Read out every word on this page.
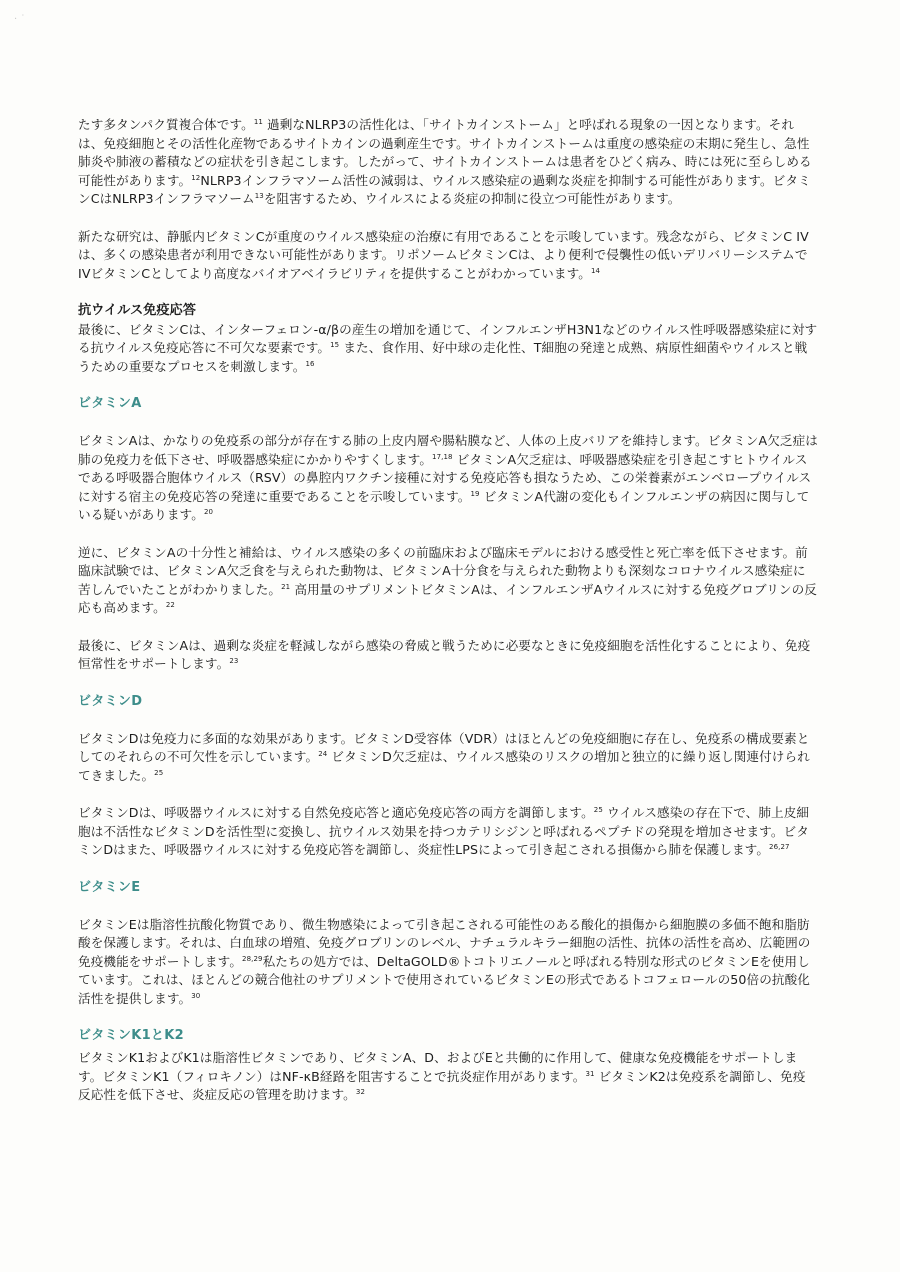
· ˙

たす多タンパク質複合体です。$^{11}$ 過剰なNLRP3の活性化は、「サイトカインストーム」と呼ばれる現象の一因となります。それは、免疫細胞とその活性化産物であるサイトカインの過剰産生です。サイトカインストームは重度の感染症の末期に発生し、急性肺炎や肺液の蓄積などの症状を引き起こします。したがって、サイトカインストームは患者をひどく病み、時には死に至らしめる可能性があります。$^{12}$NLRP3インフラマソーム活性の減弱は、ウイルス感染症の過剰な炎症を抑制する可能性があります。ビタミンCはNLRP3インフラマソーム$^{13}$を阻害するため、ウイルスによる炎症の抑制に役立つ可能性があります。

新たな研究は、静脈内ビタミンCが重度のウイルス感染症の治療に有用であることを示唆しています。残念ながら、ビタミンC IVは、多くの感染患者が利用できない可能性があります。リポソームビタミンCは、より便利で侵襲性の低いデリバリーシステムでIVビタミンCとしてより高度なバイオアベイラビリティを提供することがわかっています。$^{14}$

抗ウイルス免疫応答

最後に、ビタミンCは、インターフェロン-α/βの産生の増加を通じて、インフルエンザH3N1などのウイルス性呼吸器感染症に対する抗ウイルス免疫応答に不可欠な要素です。$^{15}$ また、食作用、好中球の走化性、T細胞の発達と成熟、病原性細菌やウイルスと戦うための重要なプロセスを刺激します。$^{16}$

ビタミンA

ビタミンAは、かなりの免疫系の部分が存在する肺の上皮内層や腸粘膜など、人体の上皮バリアを維持します。ビタミンA欠乏症は肺の免疫力を低下させ、呼吸器感染症にかかりやすくします。$^{17,18}$ ビタミンA欠乏症は、呼吸器感染症を引き起こすヒトウイルスである呼吸器合胞体ウイルス（RSV）の鼻腔内ワクチン接種に対する免疫応答も損なうため、この栄養素がエンベロープウイルスに対する宿主の免疫応答の発達に重要であることを示唆しています。$^{19}$ ビタミンA代謝の変化もインフルエンザの病因に関与している疑いがあります。$^{20}$

逆に、ビタミンAの十分性と補給は、ウイルス感染の多くの前臨床および臨床モデルにおける感受性と死亡率を低下させます。前臨床試験では、ビタミンA欠乏食を与えられた動物は、ビタミンA十分食を与えられた動物よりも深刻なコロナウイルス感染症に苦しんでいたことがわかりました。$^{21}$ 高用量のサプリメントビタミンAは、インフルエンザAウイルスに対する免疫グロブリンの反応も高めます。$^{22}$

最後に、ビタミンAは、過剰な炎症を軽減しながら感染の脅威と戦うために必要なときに免疫細胞を活性化することにより、免疫恒常性をサポートします。$^{23}$

ビタミンD

ビタミンDは免疫力に多面的な効果があります。ビタミンD受容体（VDR）はほとんどの免疫細胞に存在し、免疫系の構成要素としてのそれらの不可欠性を示しています。$^{24}$ ビタミンD欠乏症は、ウイルス感染のリスクの増加と独立的に繰り返し関連付けられてきました。$^{25}$

ビタミンDは、呼吸器ウイルスに対する自然免疫応答と適応免疫応答の両方を調節します。$^{25}$ ウイルス感染の存在下で、肺上皮細胞は不活性なビタミンDを活性型に変換し、抗ウイルス効果を持つカテリシジンと呼ばれるペプチドの発現を増加させます。ビタミンDはまた、呼吸器ウイルスに対する免疫応答を調節し、炎症性LPSによって引き起こされる損傷から肺を保護します。$^{26,27}$

ビタミンE

ビタミンEは脂溶性抗酸化物質であり、微生物感染によって引き起こされる可能性のある酸化的損傷から細胞膜の多価不飽和脂肪酸を保護します。それは、白血球の増殖、免疫グロブリンのレベル、ナチュラルキラー細胞の活性、抗体の活性を高め、広範囲の免疫機能をサポートします。$^{28,29}$私たちの処方では、DeltaGOLD®トコトリエノールと呼ばれる特別な形式のビタミンEを使用しています。これは、ほとんどの競合他社のサプリメントで使用されているビタミンEの形式であるトコフェロールの50倍の抗酸化活性を提供します。$^{30}$

ビタミンK1とK2

ビタミンK1およびK1は脂溶性ビタミンであり、ビタミンA、D、およびEと共働的に作用して、健康な免疫機能をサポートします。ビタミンK1（フィロキノン）はNF-κB経路を阻害することで抗炎症作用があります。$^{31}$ ビタミンK2は免疫系を調節し、免疫反応性を低下させ、炎症反応の管理を助けます。$^{32}$
